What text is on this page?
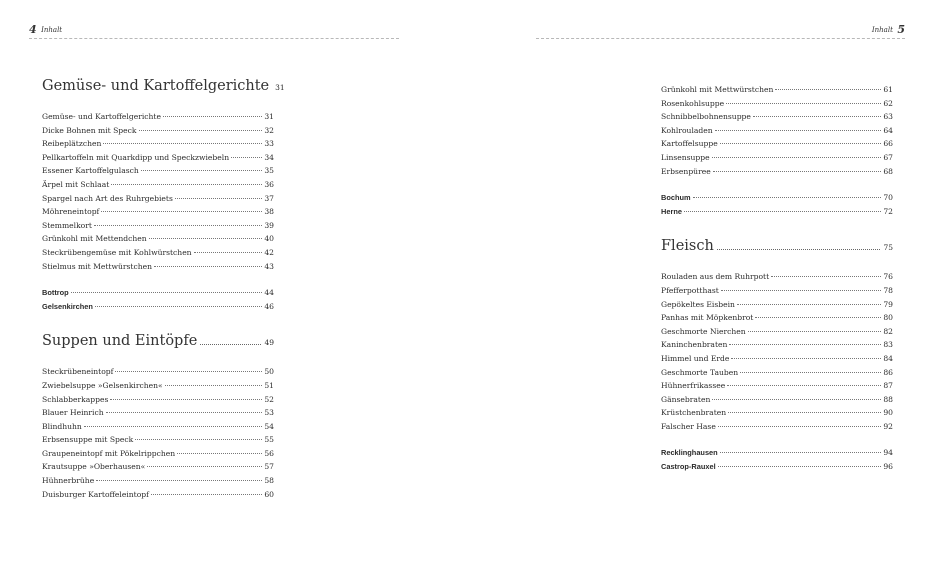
4 Inhalt	Inhalt 5
Gemüse- und Kartoffelgerichte 31
Gemüse- und Kartoffelgerichte	31
Dicke Bohnen mit Speck	32
Reibeplätzchen	33
Pellkartoffeln mit Quarkdipp und Speckzwiebeln	34
Essener Kartoffelgulasch	35
Ärpel mit Schlaat	36
Spargel nach Art des Ruhrgebiets	37
Möhreneintopf	38
Stemmelkort	39
Grünkohl mit Mettendchen	40
Steckrübengemüse mit Kohlwürstchen	42
Stielmus mit Mettwürstchen	43
Bottrop	44
Gelsenkirchen	46
Suppen und Eintöpfe	49
Steckrübeneintopf	50
Zwiebelsuppe »Gelsenkirchen«	51
Schlabberkappes	52
Blauer Heinrich	53
Blindhuhn	54
Erbsensuppe mit Speck	55
Graupeneintopf mit Pökelrippchen	56
Krautsuppe »Oberhausen«	57
Hühnerbrühe	58
Duisburger Kartoffeleintopf	60
Grünkohl mit Mettwürstchen	61
Rosenkohlsuppe	62
Schnibbelbohnensuppe	63
Kohlrouladen	64
Kartoffelsuppe	66
Linsensuppe	67
Erbsenpüree	68
Bochum	70
Herne	72
Fleisch	75
Rouladen aus dem Ruhrpott	76
Pfefferpotthast	78
Gepökeltes Eisbein	79
Panhas mit Möpkenbrot	80
Geschmorte Nierchen	82
Kaninchenbraten	83
Himmel und Erde	84
Geschmorte Tauben	86
Hühnerfrikassee	87
Gänsebraten	88
Krüstchenbraten	90
Falscher Hase	92
Recklinghausen	94
Castrop-Rauxel	96
